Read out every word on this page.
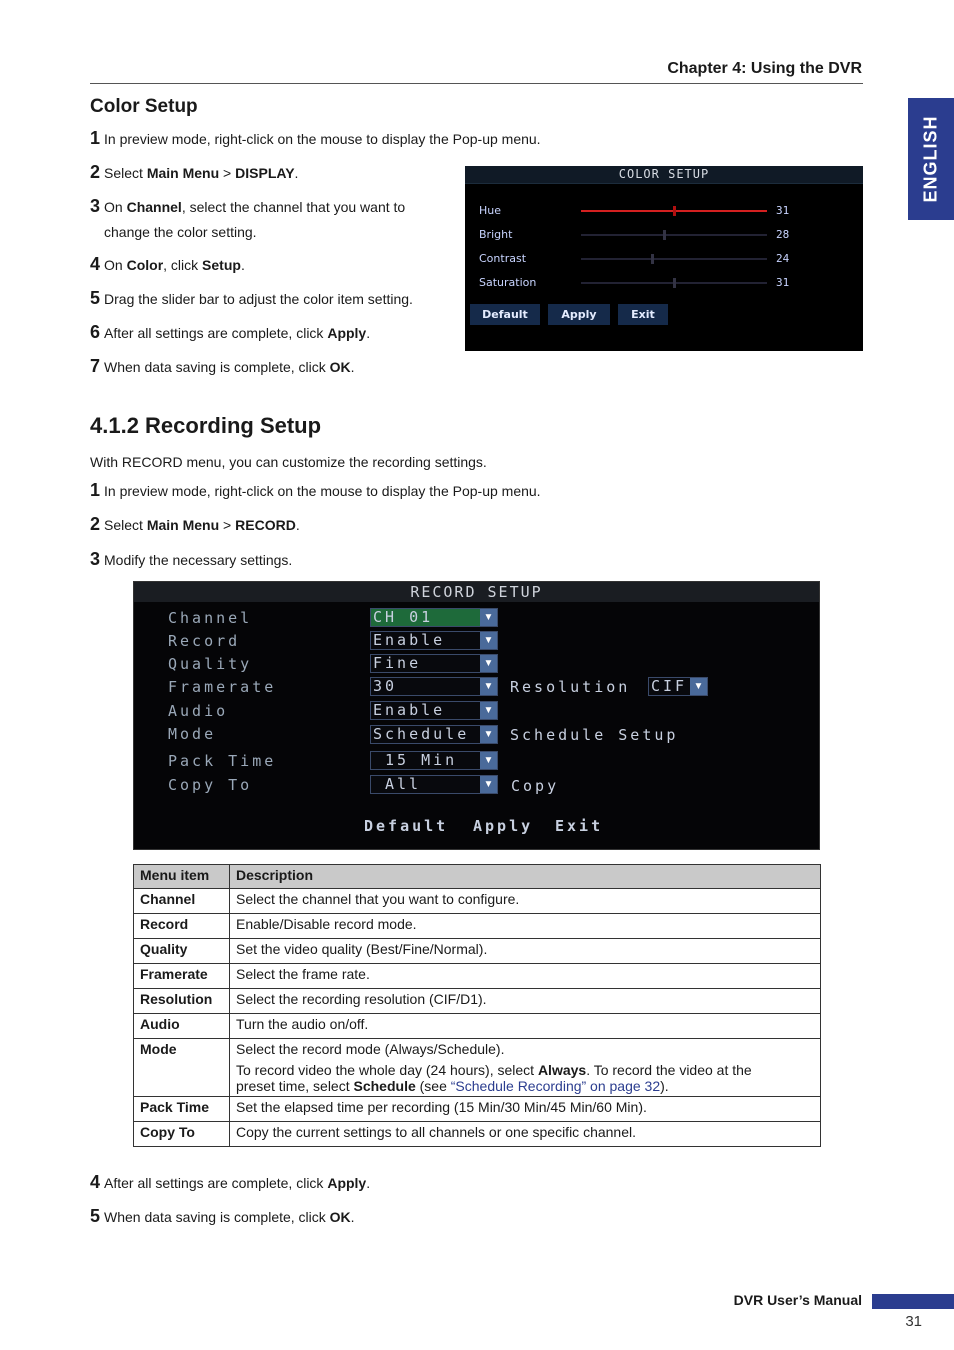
Chapter 4: Using the DVR
ENGLISH
Color Setup
1 In preview mode, right-click on the mouse to display the Pop-up menu.
2 Select Main Menu > DISPLAY.
3 On Channel, select the channel that you want to
change the color setting.
4 On Color, click Setup.
5 Drag the slider bar to adjust the color item setting.
6 After all settings are complete, click Apply.
7 When data saving is complete, click OK.
COLOR SETUP
Hue	31
Bright	28
Contrast	24
Saturation	31
Default	Apply	Exit
4.1.2 Recording Setup
With RECORD menu, you can customize the recording settings.
1 In preview mode, right-click on the mouse to display the Pop-up menu.
2 Select Main Menu > RECORD.
3 Modify the necessary settings.
RECORD SETUP
Channel	CH 01	▼
Record	Enable	▼
Quality	Fine	▼
Framerate	30	▼ Resolution CIF ▼
Audio	Enable	▼
Mode	Schedule	▼ Schedule Setup
Pack Time	15 Min	▼
Copy To	All	▼ Copy
Default Apply Exit
Menu item	Description
Channel	Select the channel that you want to configure.
Record	Enable/Disable record mode.
Quality	Set the video quality (Best/Fine/Normal).
Framerate	Select the frame rate.
Resolution	Select the recording resolution (CIF/D1).
Audio	Turn the audio on/off.
Mode	Select the record mode (Always/Schedule).
To record video the whole day (24 hours), select Always. To record the video at the
preset time, select Schedule (see “Schedule Recording” on page 32).

Pack Time	Set the elapsed time per recording (15 Min/30 Min/45 Min/60 Min).
Copy To	Copy the current settings to all channels or one specific channel.
4 After all settings are complete, click Apply.
5 When data saving is complete, click OK.
DVR User’s Manual
31
